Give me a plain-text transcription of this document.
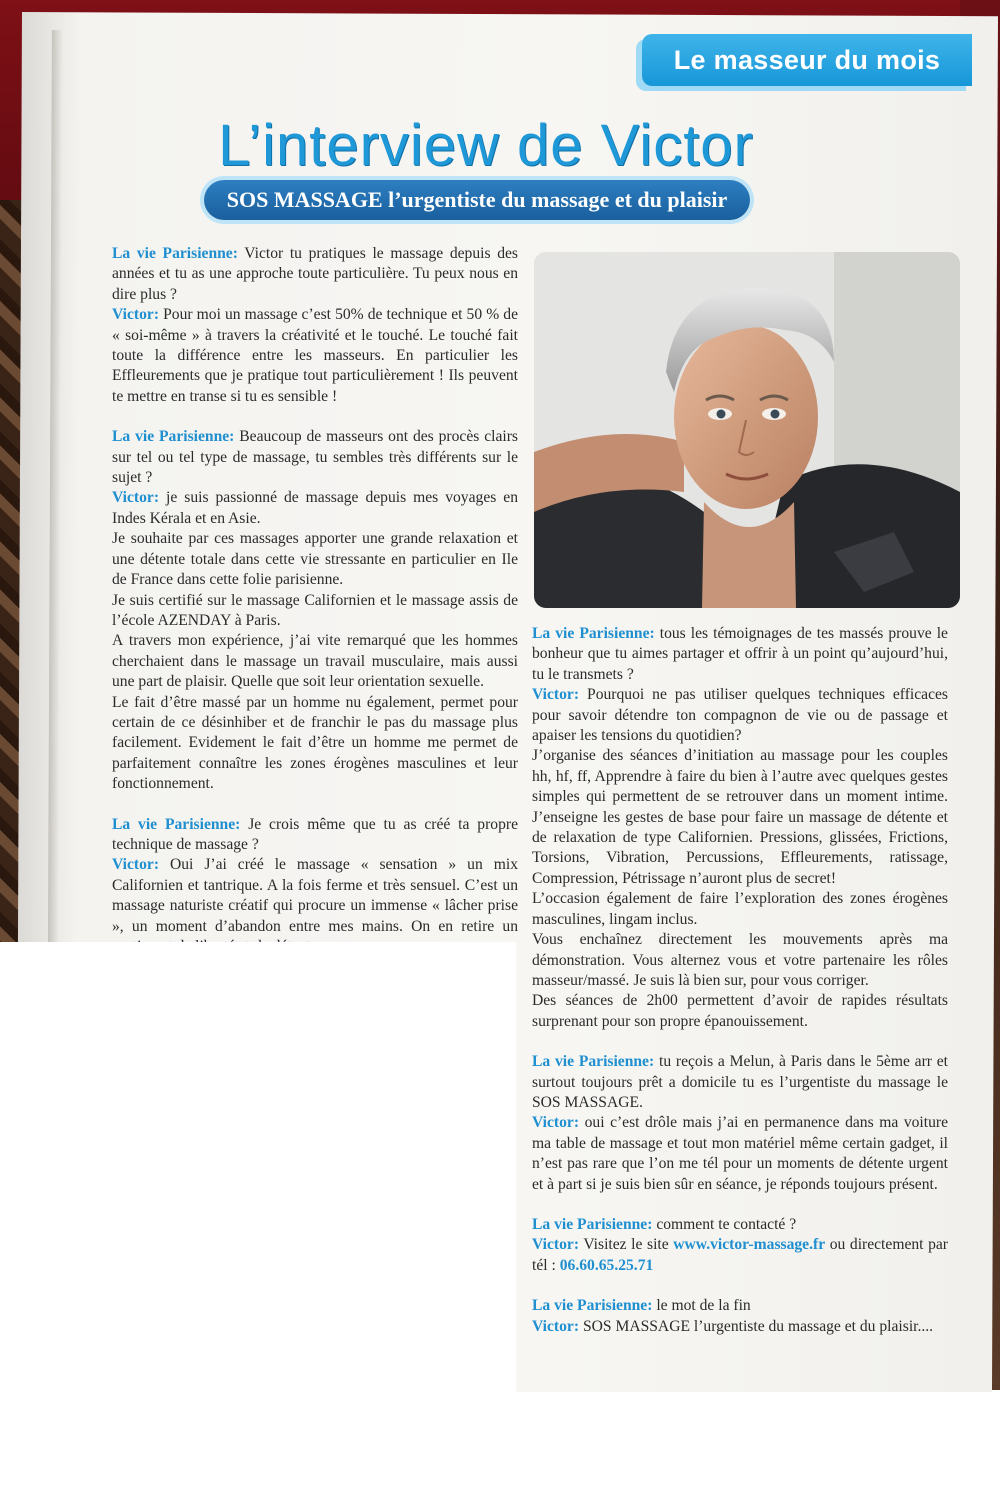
Le masseur du mois
L’interview de Victor
SOS MASSAGE l’urgentiste du massage et du plaisir

La vie Parisienne: Victor tu pratiques le massage depuis des années et tu as une approche toute particulière. Tu peux nous en dire plus ?

Victor: Pour moi un massage c’est 50% de technique et 50 % de « soi-même » à travers la créativité et le touché. Le touché fait toute la différence entre les masseurs. En particulier les Effleurements que je pratique tout particulièrement ! Ils peuvent te mettre en transe si tu es sensible !

La vie Parisienne: Beaucoup de masseurs ont des procès clairs sur tel ou tel type de massage, tu sembles très différents sur le sujet ?

Victor: je suis passionné de massage depuis mes voyages en Indes Kérala et en Asie.

Je souhaite par ces massages apporter une grande relaxation et une détente totale dans cette vie stressante en particulier en Ile de France dans cette folie parisienne.

Je suis certifié sur le massage Californien et le massage assis de l’école AZENDAY à Paris.

A travers mon expérience, j’ai vite remarqué que les hommes cherchaient dans le massage un travail musculaire, mais aussi une part de plaisir. Quelle que soit leur orientation sexuelle.

Le fait d’être massé par un homme nu également, permet pour certain de ce désinhiber et de franchir le pas du massage plus facilement. Evidement le fait d’être un homme me permet de parfaitement connaître les zones érogènes masculines et leur fonctionnement.

La vie Parisienne: Je crois même que tu as créé ta propre technique de massage ?

Victor: Oui J’ai créé le massage « sensation » un mix Californien et tantrique. A la fois ferme et très sensuel. C’est un massage naturiste créatif qui procure un immense « lâcher prise », un moment d’abandon entre mes mains. On en retire un

La vie Parisienne: tous les témoignages de tes massés prouve le bonheur que tu aimes partager et offrir à un point qu’aujourd’hui, tu le transmets ?

Victor: Pourquoi ne pas utiliser quelques techniques efficaces pour savoir détendre ton compagnon de vie ou de passage et apaiser les tensions du quotidien?

J’organise des séances d’initiation au massage pour les couples hh, hf, ff, Apprendre à faire du bien à l’autre avec quelques gestes simples qui permettent de se retrouver dans un moment intime. J’enseigne les gestes de base pour faire un massage de détente et de relaxation de type Californien. Pressions, glissées, Frictions, Torsions, Vibration, Percussions, Effleurements, ratissage, Compression, Pétrissage n’auront plus de secret!

L’occasion également de faire l’exploration des zones érogènes masculines, lingam inclus.

Vous enchaînez directement les mouvements après ma démonstration. Vous alternez vous et votre partenaire les rôles masseur/massé. Je suis là bien sur, pour vous corriger.

Des séances de 2h00 permettent d’avoir de rapides résultats surprenant pour son propre épanouissement.

La vie Parisienne: tu reçois a Melun, à Paris dans le 5ème arr et surtout toujours prêt a domicile tu es l’urgentiste du massage le SOS MASSAGE.

Victor: oui c’est drôle mais j’ai en permanence dans ma voiture ma table de massage et tout mon matériel même certain gadget, il n’est pas rare que l’on me tél pour un moments de détente urgent et à part si je suis bien sûr en séance, je réponds toujours présent.

La vie Parisienne: comment te contacté ?

Victor: Visitez le site www.victor-massage.fr ou directement par tél : 06.60.65.25.71

La vie Parisienne: le mot de la fin

Victor: SOS MASSAGE l’urgentiste du massage et du plaisir....
